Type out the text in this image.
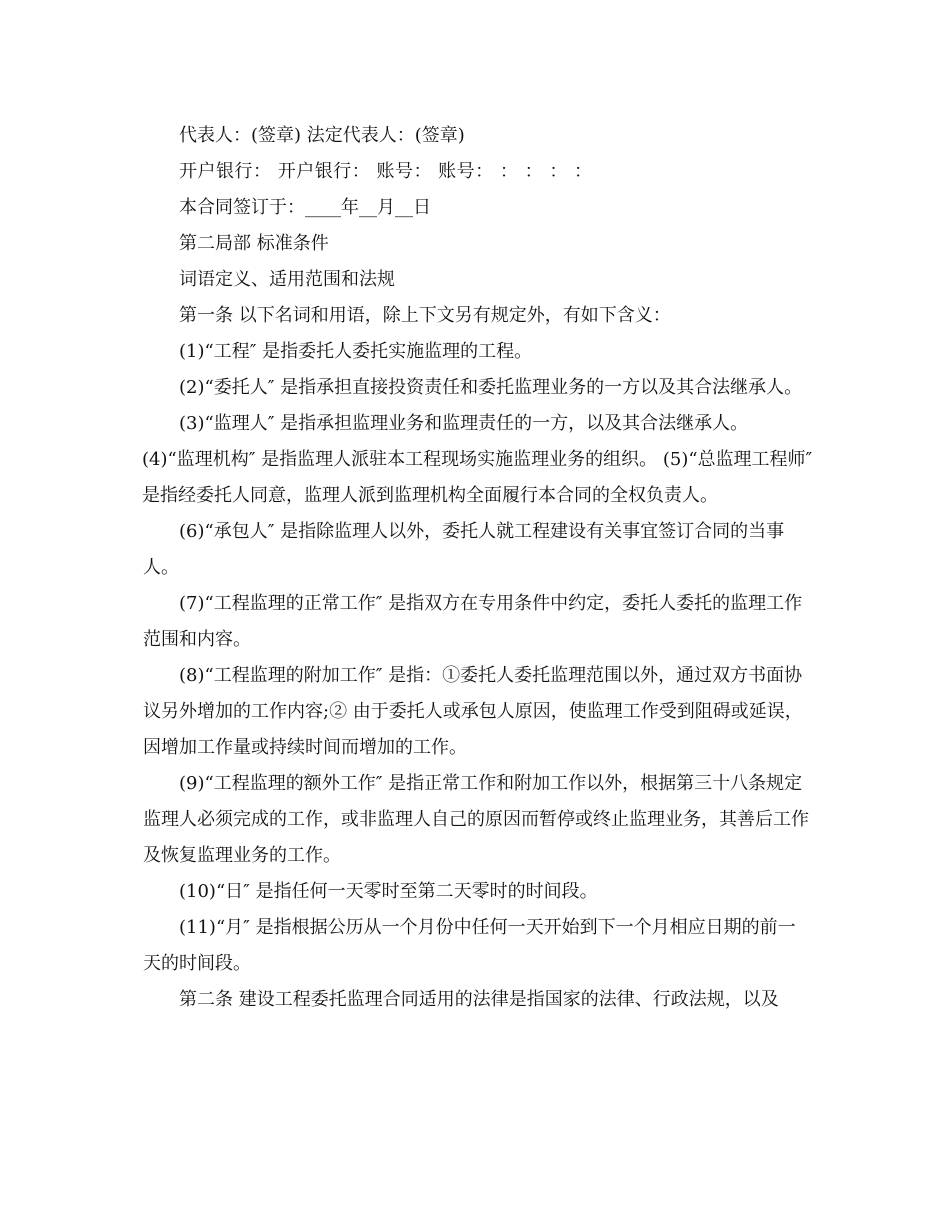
代表人：(签章) 法定代表人：(签章)

开户银行： 开户银行： 账号： 账号： ： ： ： ：

本合同签订于：____年__月__日

第二局部 标准条件

词语定义、适用范围和法规

第一条 以下名词和用语，除上下文另有规定外，有如下含义：

(1)“工程″ 是指委托人委托实施监理的工程。

(2)“委托人″ 是指承担直接投资责任和委托监理业务的一方以及其合法继承人。

(3)“监理人″ 是指承担监理业务和监理责任的一方，以及其合法继承人。

(4)“监理机构″ 是指监理人派驻本工程现场实施监理业务的组织。 (5)“总监理工程师″ 是指经委托人同意，监理人派到监理机构全面履行本合同的全权负责人。

(6)“承包人″ 是指除监理人以外，委托人就工程建设有关事宜签订合同的当事人。

(7)“工程监理的正常工作″ 是指双方在专用条件中约定，委托人委托的监理工作范围和内容。

(8)“工程监理的附加工作″ 是指：①委托人委托监理范围以外，通过双方书面协议另外增加的工作内容;② 由于委托人或承包人原因，使监理工作受到阻碍或延误，因增加工作量或持续时间而增加的工作。

(9)“工程监理的额外工作″ 是指正常工作和附加工作以外，根据第三十八条规定监理人必须完成的工作，或非监理人自己的原因而暂停或终止监理业务，其善后工作及恢复监理业务的工作。

(10)“日″ 是指任何一天零时至第二天零时的时间段。

(11)“月″ 是指根据公历从一个月份中任何一天开始到下一个月相应日期的前一天的时间段。

第二条 建设工程委托监理合同适用的法律是指国家的法律、行政法规，以及
